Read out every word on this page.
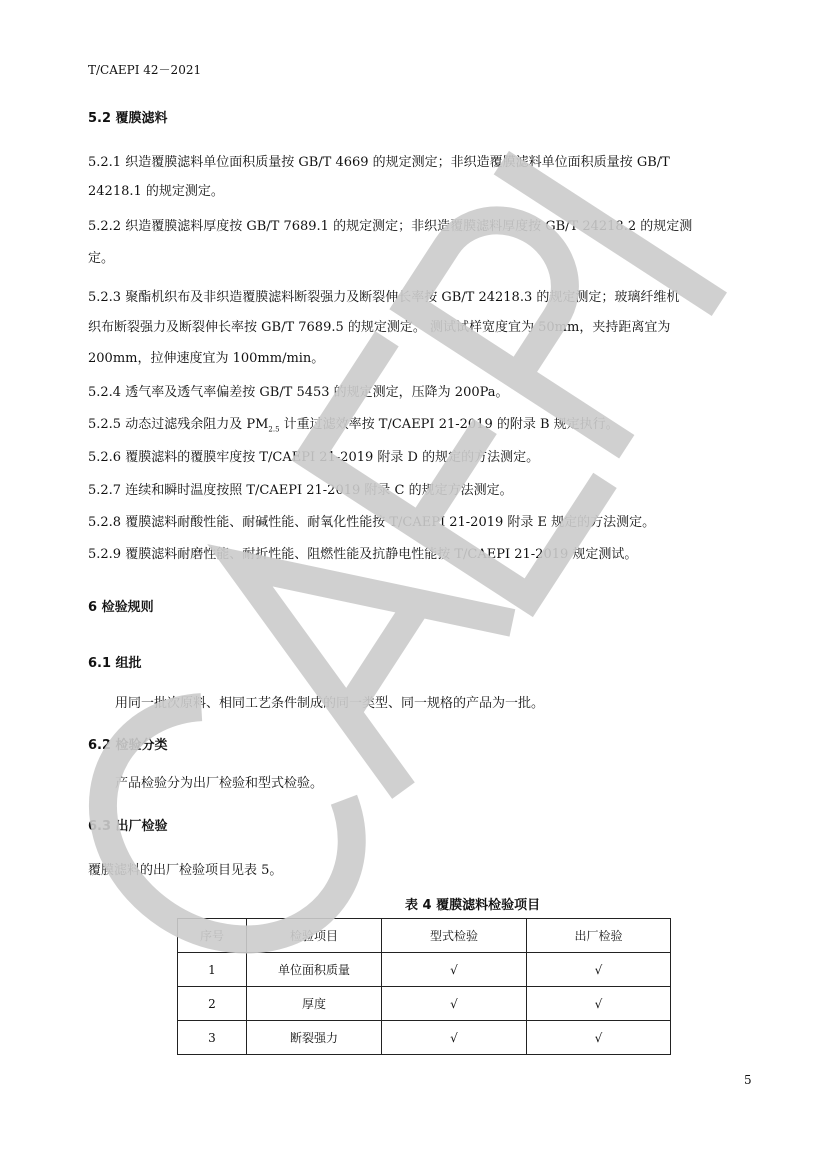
T/CAEPI 42－2021
5.2 覆膜滤料
5.2.1 织造覆膜滤料单位面积质量按 GB/T 4669 的规定测定；非织造覆膜滤料单位面积质量按 GB/T
24218.1 的规定测定。
5.2.2 织造覆膜滤料厚度按 GB/T 7689.1 的规定测定；非织造覆膜滤料厚度按 GB/T 24218.2 的规定测
定。
5.2.3 聚酯机织布及非织造覆膜滤料断裂强力及断裂伸长率按 GB/T 24218.3 的规定测定；玻璃纤维机
织布断裂强力及断裂伸长率按 GB/T 7689.5 的规定测定。 测试试样宽度宜为 50mm，夹持距离宜为
200mm，拉伸速度宜为 100mm/min。
5.2.4 透气率及透气率偏差按 GB/T 5453 的规定测定，压降为 200Pa。
5.2.5 动态过滤残余阻力及 $PM_{2.5}$ 计重过滤效率按 T/CAEPI 21-2019 的附录 B 规定执行。
5.2.6 覆膜滤料的覆膜牢度按 T/CAEPI 21-2019 附录 D 的规定的方法测定。
5.2.7 连续和瞬时温度按照 T/CAEPI 21-2019 附录 C 的规定方法测定。
5.2.8 覆膜滤料耐酸性能、耐碱性能、耐氧化性能按 T/CAEPI 21-2019 附录 E 规定的方法测定。
5.2.9 覆膜滤料耐磨性能、耐折性能、阻燃性能及抗静电性能按 T/CAEPI 21-2019 规定测试。
6 检验规则
6.1 组批
用同一批次原料、相同工艺条件制成的同一类型、同一规格的产品为一批。
6.2 检验分类
产品检验分为出厂检验和型式检验。
6.3 出厂检验
覆膜滤料的出厂检验项目见表 5。
表 4 覆膜滤料检验项目
序号	检验项目	型式检验	出厂检验
1	单位面积质量	√	√
2	厚度	√	√
3	断裂强力	√	√
5
